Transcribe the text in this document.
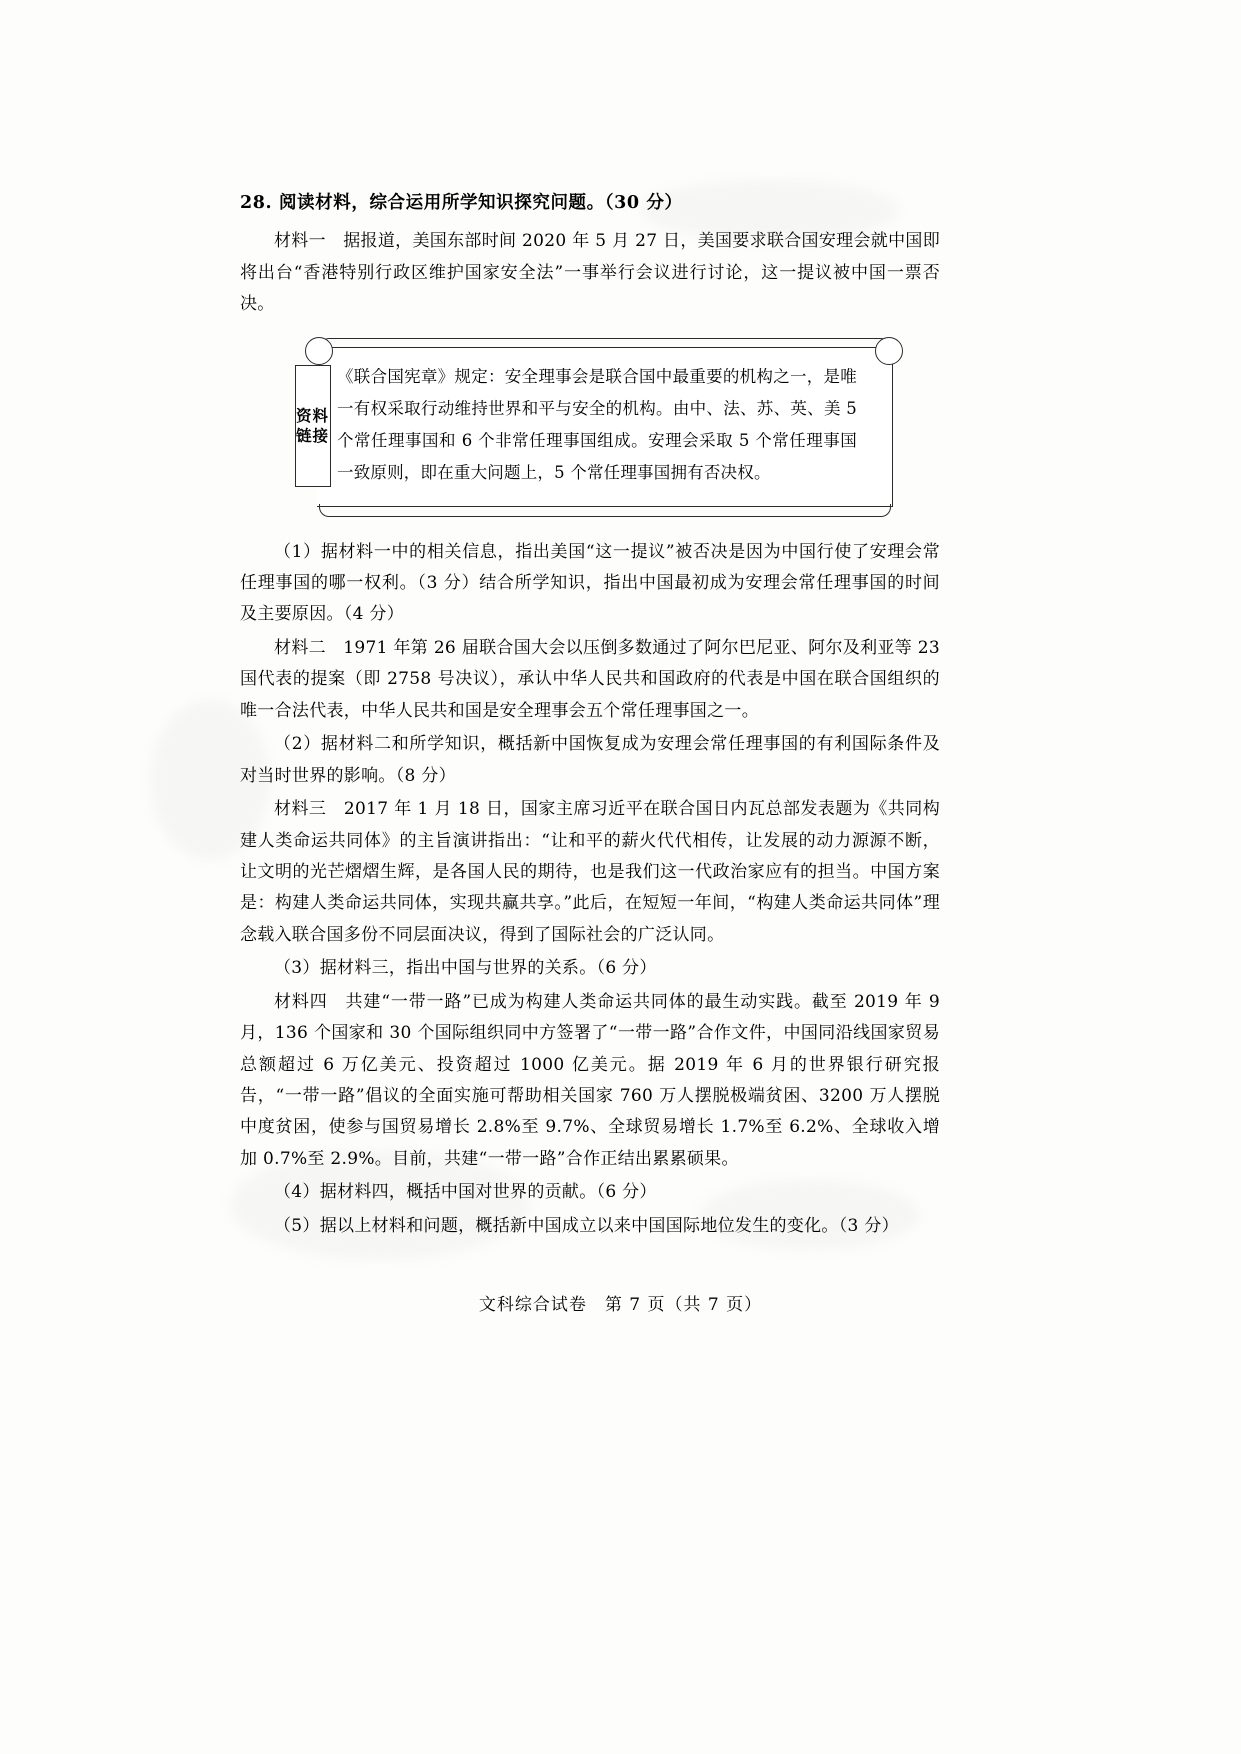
28. 阅读材料，综合运用所学知识探究问题。（30 分）

材料一　据报道，美国东部时间 2020 年 5 月 27 日，美国要求联合国安理会就中国即将出台“香港特别行政区维护国家安全法”一事举行会议进行讨论，这一提议被中国一票否决。

资料链接
《联合国宪章》规定：安全理事会是联合国中最重要的机构之一，是唯一有权采取行动维持世界和平与安全的机构。由中、法、苏、英、美 5 个常任理事国和 6 个非常任理事国组成。安理会采取 5 个常任理事国一致原则，即在重大问题上，5 个常任理事国拥有否决权。

（1）据材料一中的相关信息，指出美国“这一提议”被否决是因为中国行使了安理会常任理事国的哪一权利。（3 分）结合所学知识，指出中国最初成为安理会常任理事国的时间及主要原因。（4 分）

材料二　1971 年第 26 届联合国大会以压倒多数通过了阿尔巴尼亚、阿尔及利亚等 23 国代表的提案（即 2758 号决议），承认中华人民共和国政府的代表是中国在联合国组织的唯一合法代表，中华人民共和国是安全理事会五个常任理事国之一。

（2）据材料二和所学知识，概括新中国恢复成为安理会常任理事国的有利国际条件及对当时世界的影响。（8 分）

材料三　2017 年 1 月 18 日，国家主席习近平在联合国日内瓦总部发表题为《共同构建人类命运共同体》的主旨演讲指出：“让和平的薪火代代相传，让发展的动力源源不断，让文明的光芒熠熠生辉，是各国人民的期待，也是我们这一代政治家应有的担当。中国方案是：构建人类命运共同体，实现共赢共享。”此后，在短短一年间，“构建人类命运共同体”理念载入联合国多份不同层面决议，得到了国际社会的广泛认同。

（3）据材料三，指出中国与世界的关系。（6 分）

材料四　共建“一带一路”已成为构建人类命运共同体的最生动实践。截至 2019 年 9 月，136 个国家和 30 个国际组织同中方签署了“一带一路”合作文件，中国同沿线国家贸易总额超过 6 万亿美元、投资超过 1000 亿美元。据 2019 年 6 月的世界银行研究报告，“一带一路”倡议的全面实施可帮助相关国家 760 万人摆脱极端贫困、3200 万人摆脱中度贫困，使参与国贸易增长 2.8%至 9.7%、全球贸易增长 1.7%至 6.2%、全球收入增加 0.7%至 2.9%。目前，共建“一带一路”合作正结出累累硕果。

（4）据材料四，概括中国对世界的贡献。（6 分）

（5）据以上材料和问题，概括新中国成立以来中国国际地位发生的变化。（3 分）

文科综合试卷　第 7 页（共 7 页）
